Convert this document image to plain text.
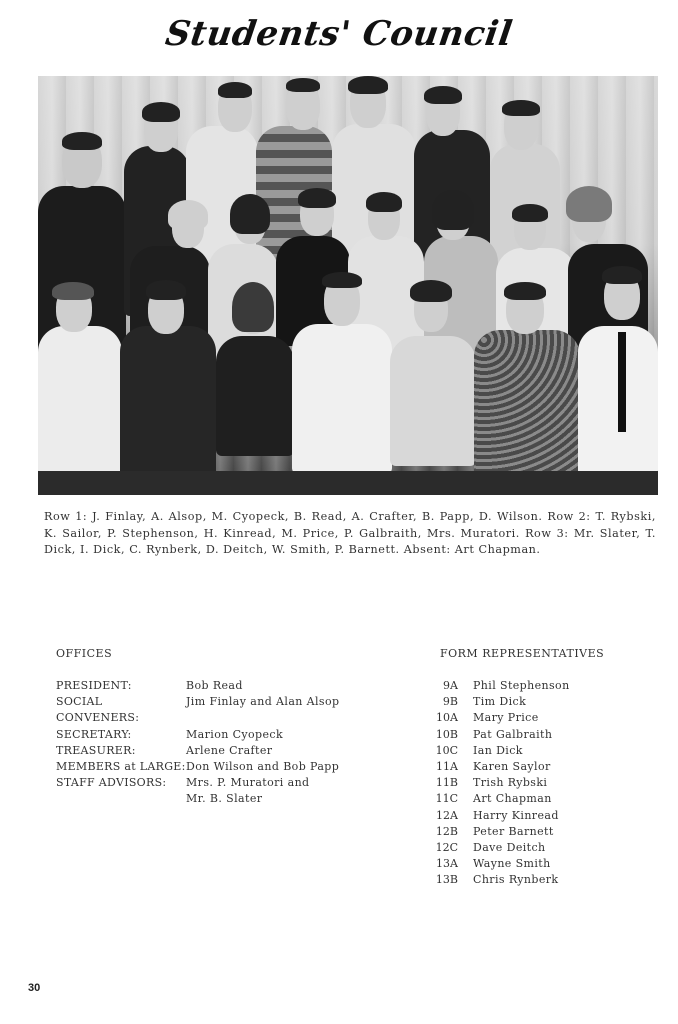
Students' Council
Row 1: J. Finlay, A. Alsop, M. Cyopeck, B. Read, A. Crafter, B. Papp, D. Wilson. Row 2: T. Rybski, K. Sailor, P. Stephenson, H. Kinread, M. Price, P. Galbraith, Mrs. Muratori. Row 3: Mr. Slater, T. Dick, I. Dick, C. Rynberk, D. Deitch, W. Smith, P. Barnett. Absent: Art Chapman.
OFFICES	FORM REPRESENTATIVES
PRESIDENT:	Bob Read
SOCIAL CONVENERS:
Jim Finlay and Alan Alsop
SECRETARY:	Marion Cyopeck
TREASURER:	Arlene Crafter
MEMBERS at LARGE: Don Wilson and Bob Papp
STAFF ADVISORS:	Mrs. P. Muratori and
Mr. B. Slater
9A Phil Stephenson
9B Tim Dick
10A Mary Price
10B Pat Galbraith
10C Ian Dick
11A Karen Saylor
11B Trish Rybski
11C Art Chapman
12A Harry Kinread
12B Peter Barnett
12C Dave Deitch
13A Wayne Smith
13B Chris Rynberk
30
